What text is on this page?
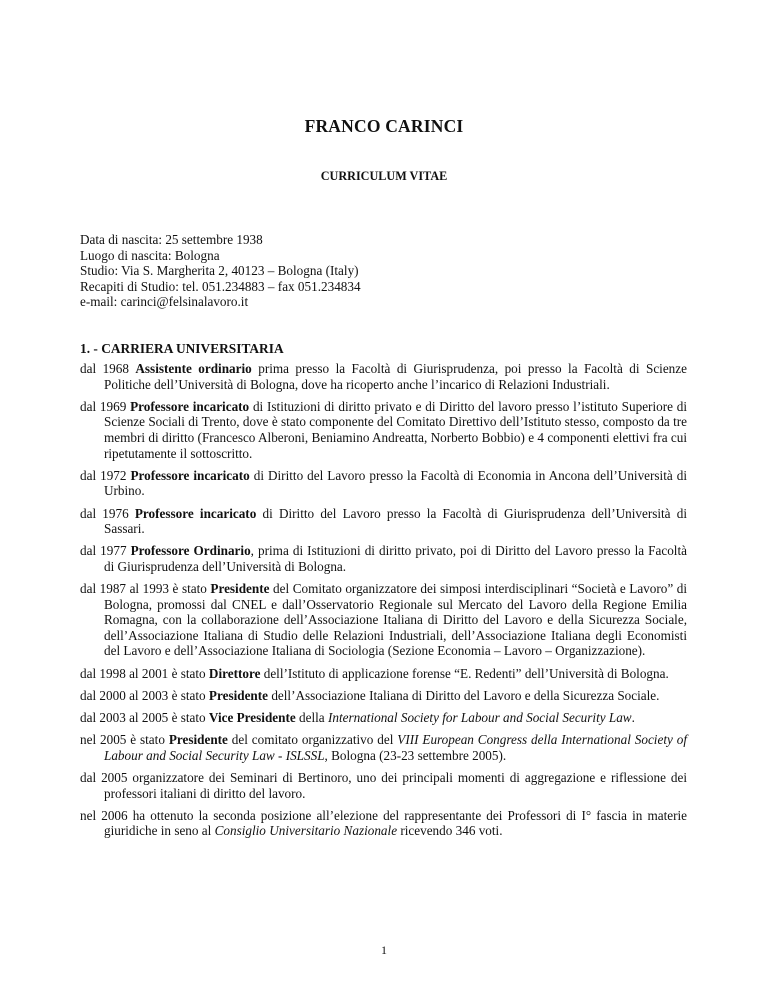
FRANCO CARINCI
CURRICULUM VITAE
Data di nascita: 25 settembre 1938
Luogo di nascita: Bologna
Studio: Via S. Margherita 2, 40123 – Bologna (Italy)
Recapiti di Studio: tel. 051.234883 – fax 051.234834
e-mail: carinci@felsinalavoro.it
1. - CARRIERA UNIVERSITARIA

dal 1968 Assistente ordinario prima presso la Facoltà di Giurisprudenza, poi presso la Facoltà di Scienze Politiche dell’Università di Bologna, dove ha ricoperto anche l’incarico di Relazioni Industriali.

dal 1969 Professore incaricato di Istituzioni di diritto privato e di Diritto del lavoro presso l’istituto Superiore di Scienze Sociali di Trento, dove è stato componente del Comitato Direttivo dell’Istituto stesso, composto da tre membri di diritto (Francesco Alberoni, Beniamino Andreatta, Norberto Bobbio) e 4 componenti elettivi fra cui ripetutamente il sottoscritto.

dal 1972 Professore incaricato di Diritto del Lavoro presso la Facoltà di Economia in Ancona dell’Università di Urbino.

dal 1976 Professore incaricato di Diritto del Lavoro presso la Facoltà di Giurisprudenza dell’Università di Sassari.

dal 1977 Professore Ordinario, prima di Istituzioni di diritto privato, poi di Diritto del Lavoro presso la Facoltà di Giurisprudenza dell’Università di Bologna.

dal 1987 al 1993 è stato Presidente del Comitato organizzatore dei simposi interdisciplinari “Società e Lavoro” di Bologna, promossi dal CNEL e dall’Osservatorio Regionale sul Mercato del Lavoro della Regione Emilia Romagna, con la collaborazione dell’Associazione Italiana di Diritto del Lavoro e della Sicurezza Sociale, dell’Associazione Italiana di Studio delle Relazioni Industriali, dell’Associazione Italiana degli Economisti del Lavoro e dell’Associazione Italiana di Sociologia (Sezione Economia – Lavoro – Organizzazione).

dal 1998 al 2001 è stato Direttore dell’Istituto di applicazione forense “E. Redenti” dell’Università di Bologna.

dal 2000 al 2003 è stato Presidente dell’Associazione Italiana di Diritto del Lavoro e della Sicurezza Sociale.

dal 2003 al 2005 è stato Vice Presidente della International Society for Labour and Social Security Law.

nel 2005 è stato Presidente del comitato organizzativo del VIII European Congress della International Society of Labour and Social Security Law - ISLSSL, Bologna (23-23 settembre 2005).

dal 2005 organizzatore dei Seminari di Bertinoro, uno dei principali momenti di aggregazione e riflessione dei professori italiani di diritto del lavoro.

nel 2006 ha ottenuto la seconda posizione all’elezione del rappresentante dei Professori di I° fascia in materie giuridiche in seno al Consiglio Universitario Nazionale ricevendo 346 voti.

1
